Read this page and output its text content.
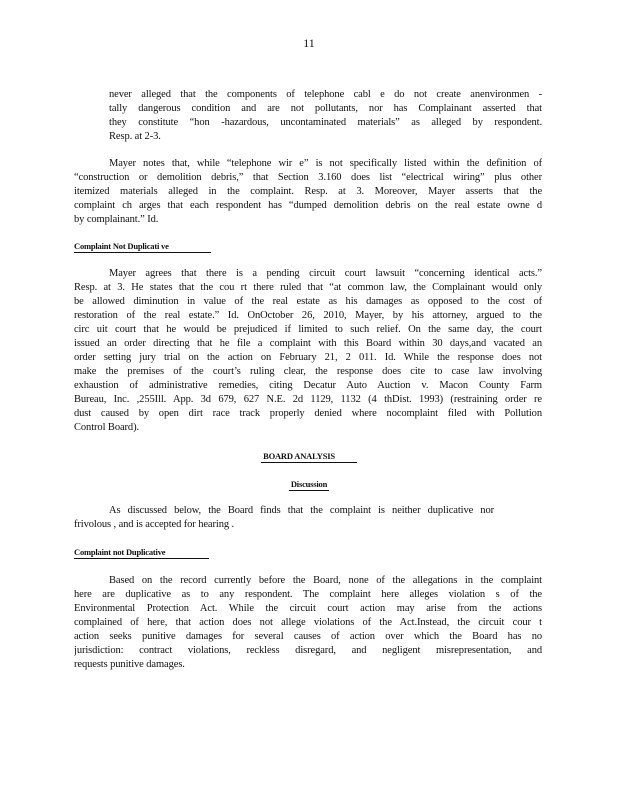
11
never alleged that the components of telephone cabl e do not create anenvironmen -
tally dangerous condition and are not pollutants, nor has Complainant asserted that
they constitute “hon -hazardous, uncontaminated materials” as alleged by respondent.
Resp. at 2-3.
Mayer notes that, while “telephone wir e” is not specifically listed within the definition of
“construction or demolition debris,” that Section 3.160 does list “electrical wiring” plus other
itemized materials alleged in the complaint. Resp. at 3. Moreover, Mayer asserts that the
complaint ch arges that each respondent has “dumped demolition debris on the real estate owne d
by complainant.” Id.
Complaint Not Duplicati ve
Mayer agrees that there is a pending circuit court lawsuit “concerning identical acts.”
Resp. at 3. He states that the cou rt there ruled that “at common law, the Complainant would only
be allowed diminution in value of the real estate as his damages as opposed to the cost of
restoration of the real estate.” Id. OnOctober 26, 2010, Mayer, by his attorney, argued to the
circ uit court that he would be prejudiced if limited to such relief. On the same day, the court
issued an order directing that he file a complaint with this Board within 30 days,and vacated an
order setting jury trial on the action on February 21, 2 011. Id. While the response does not
make the premises of the court’s ruling clear, the response does cite to case law involving
exhaustion of administrative remedies, citing Decatur Auto Auction v. Macon County Farm
Bureau, Inc. ,255Ill. App. 3d 679, 627 N.E. 2d 1129, 1132 (4 thDist. 1993) (restraining order re
dust caused by open dirt race track properly denied where nocomplaint filed with Pollution
Control Board).
BOARD ANALYSIS
Discussion
As discussed below, the Board finds that the complaint is neither duplicative nor
frivolous , and is accepted for hearing .
Complaint not Duplicative
Based on the record currently before the Board, none of the allegations in the complaint
here are duplicative as to any respondent. The complaint here alleges violation s of the
Environmental Protection Act. While the circuit court action may arise from the actions
complained of here, that action does not allege violations of the Act.Instead, the circuit cour t
action seeks punitive damages for several causes of action over which the Board has no
jurisdiction: contract violations, reckless disregard, and negligent misrepresentation, and
requests punitive damages.
